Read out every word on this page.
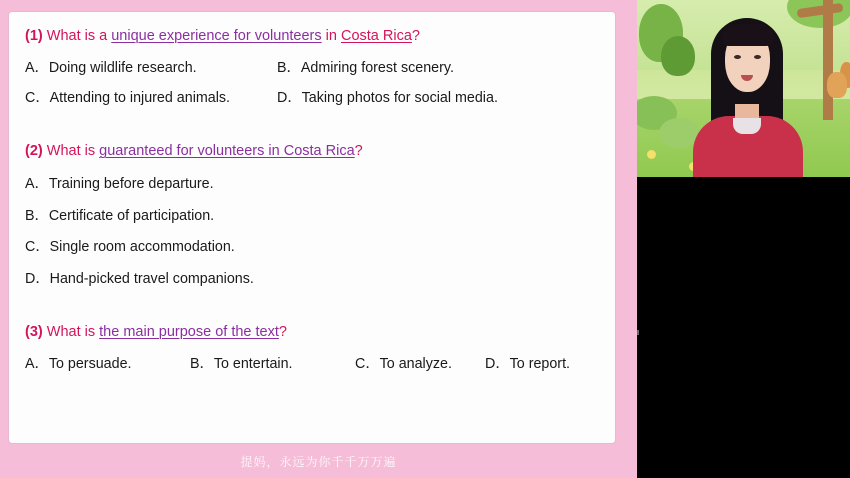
(1) What is a unique experience for volunteers in Costa Rica?
A．Doing wildlife research.	B．Admiring forest scenery.
C．Attending to injured animals.	D．Taking photos for social media.
(2) What is guaranteed for volunteers in Costa Rica?
A．Training before departure.
B．Certificate of participation.
C．Single room accommodation.
D．Hand-picked travel companions.
(3) What is the main purpose of the text?
A．To persuade.	B．To entertain.	C．To analyze.	D．To report.
提妈，永远为你千千万万遍
